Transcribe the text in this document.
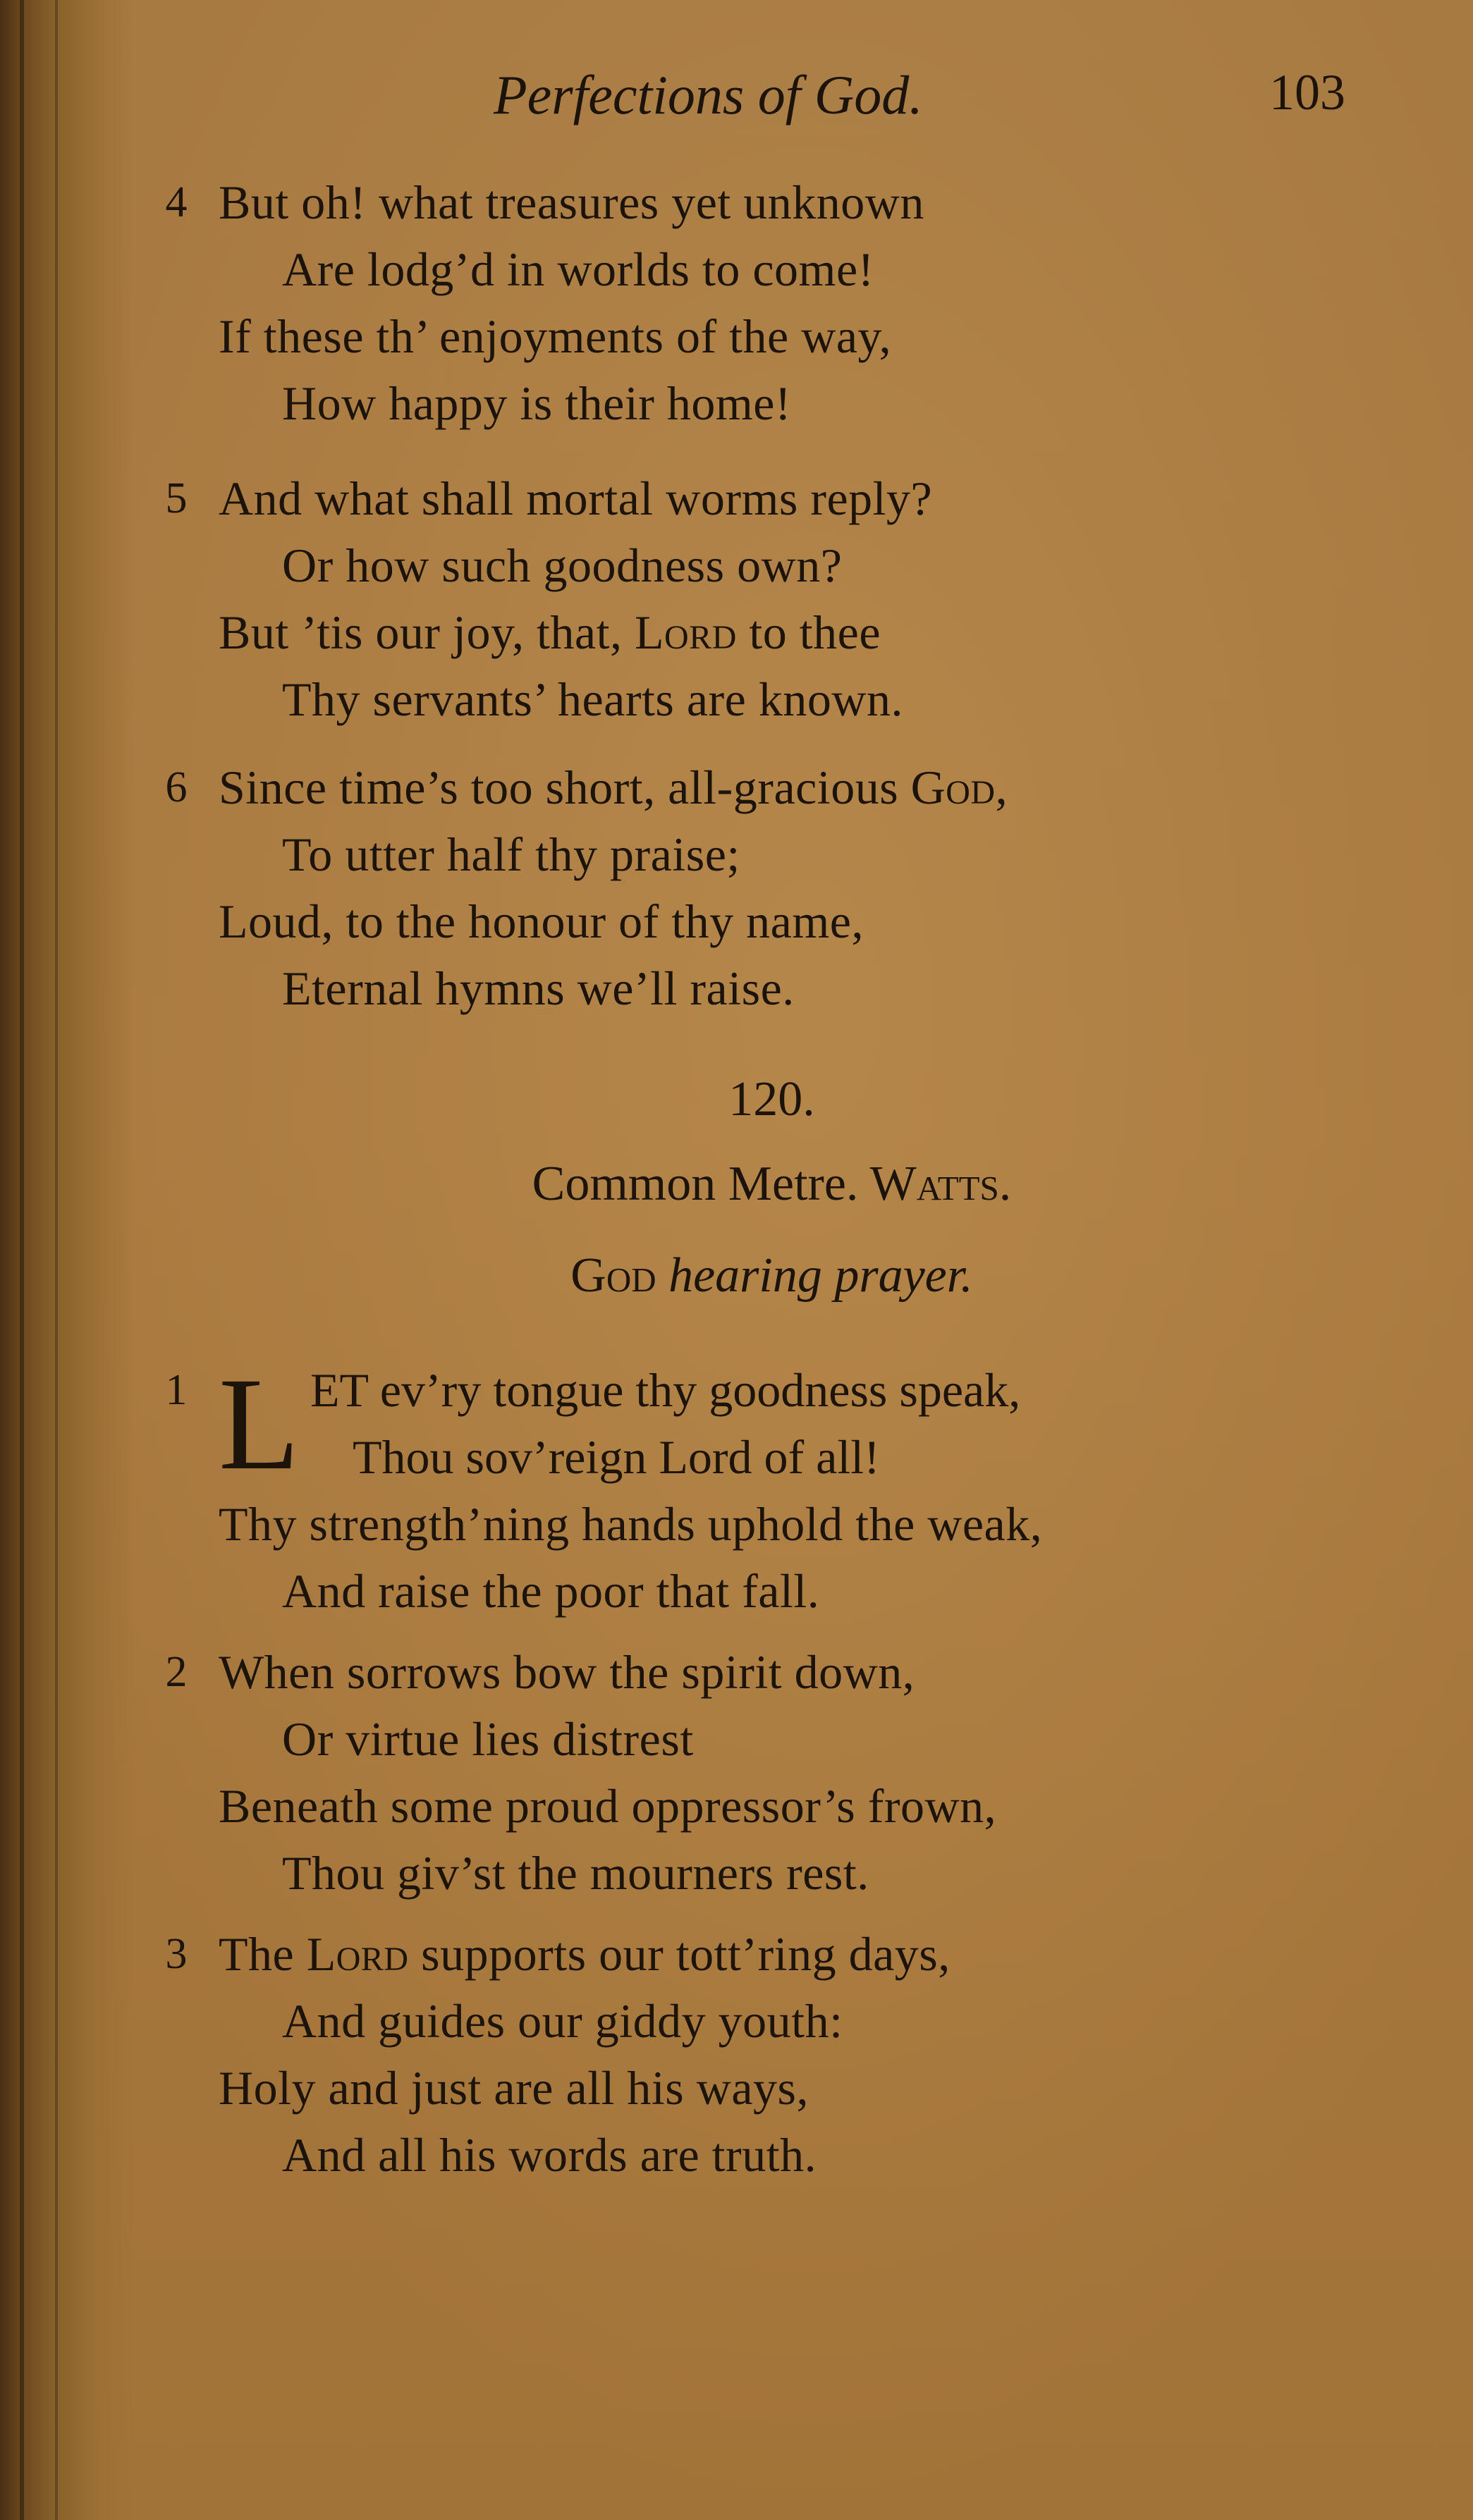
Perfections of God.	103
4 But oh! what treasures yet unknown
Are lodg’d in worlds to come!
If these th’ enjoyments of the way,
How happy is their home!
5 And what shall mortal worms reply?
Or how such goodness own?
But ’tis our joy, that, Lord to thee
Thy servants’ hearts are known.
6 Since time’s too short, all-gracious God,
To utter half thy praise;
Loud, to the honour of thy name,
Eternal hymns we’ll raise.
120.
Common Metre. Watts.
God hearing prayer.
1 L ET ev’ry tongue thy goodness speak,
Thou sov’reign Lord of all!
Thy strength’ning hands uphold the weak,
And raise the poor that fall.
2 When sorrows bow the spirit down,
Or virtue lies distrest
Beneath some proud oppressor’s frown,
Thou giv’st the mourners rest.
3 The Lord supports our tott’ring days,
And guides our giddy youth:
Holy and just are all his ways,
And all his words are truth.
